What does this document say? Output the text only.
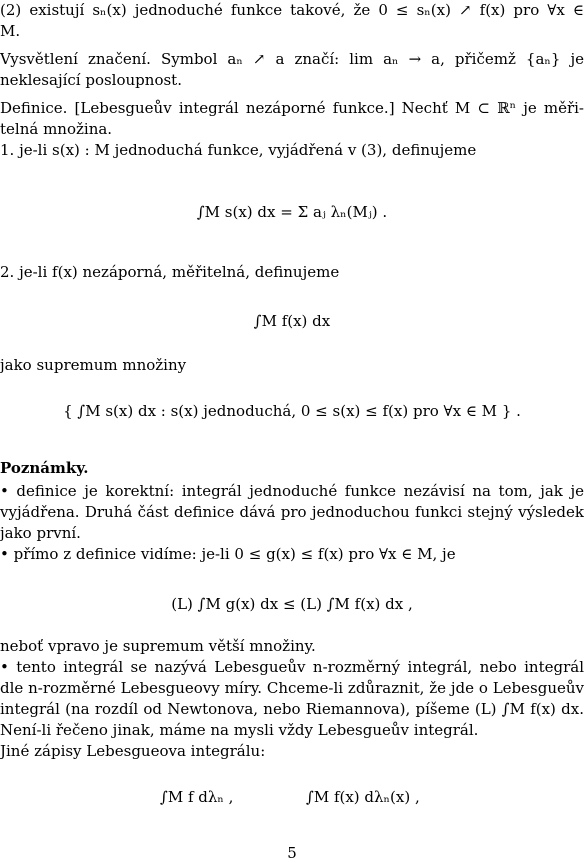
(2) existují sₙ(x) jednoduché funkce takové, že 0 ≤ sₙ(x) ↗ f(x) pro ∀x ∈
M.
Vysvětlení značení. Symbol aₙ ↗ a značí: lim aₙ → a, přičemž {aₙ} je
neklesající posloupnost.
Definice. [Lebesgueův integrál nezáporné funkce.] Nechť M ⊂ ℝⁿ je měři-
telná množina.
1. je-li s(x) : M jednoduchá funkce, vyjádřená v (3), definujeme
∫M s(x) dx = Σ aⱼ λₙ(Mⱼ) .
2. je-li f(x) nezáporná, měřitelná, definujeme
∫M f(x) dx
jako supremum množiny
{ ∫M s(x) dx : s(x) jednoduchá, 0 ≤ s(x) ≤ f(x) pro ∀x ∈ M } .
Poznámky.
• definice je korektní: integrál jednoduché funkce nezávisí na tom, jak je
vyjádřena. Druhá část definice dává pro jednoduchou funkci stejný výsledek
jako první.
• přímo z definice vidíme: je-li 0 ≤ g(x) ≤ f(x) pro ∀x ∈ M, je
(L) ∫M g(x) dx ≤ (L) ∫M f(x) dx ,
neboť vpravo je supremum větší množiny.
• tento integrál se nazývá Lebesgueův n-rozměrný integrál, nebo integrál
dle n-rozměrné Lebesgueovy míry. Chceme-li zdůraznit, že jde o Lebesgueův
integrál (na rozdíl od Newtonova, nebo Riemannova), píšeme (L) ∫M f(x) dx.
Není-li řečeno jinak, máme na mysli vždy Lebesgueův integrál.
Jiné zápisy Lebesgueova integrálu:
∫M f dλₙ ,	∫M f(x) dλₙ(x) ,
5
